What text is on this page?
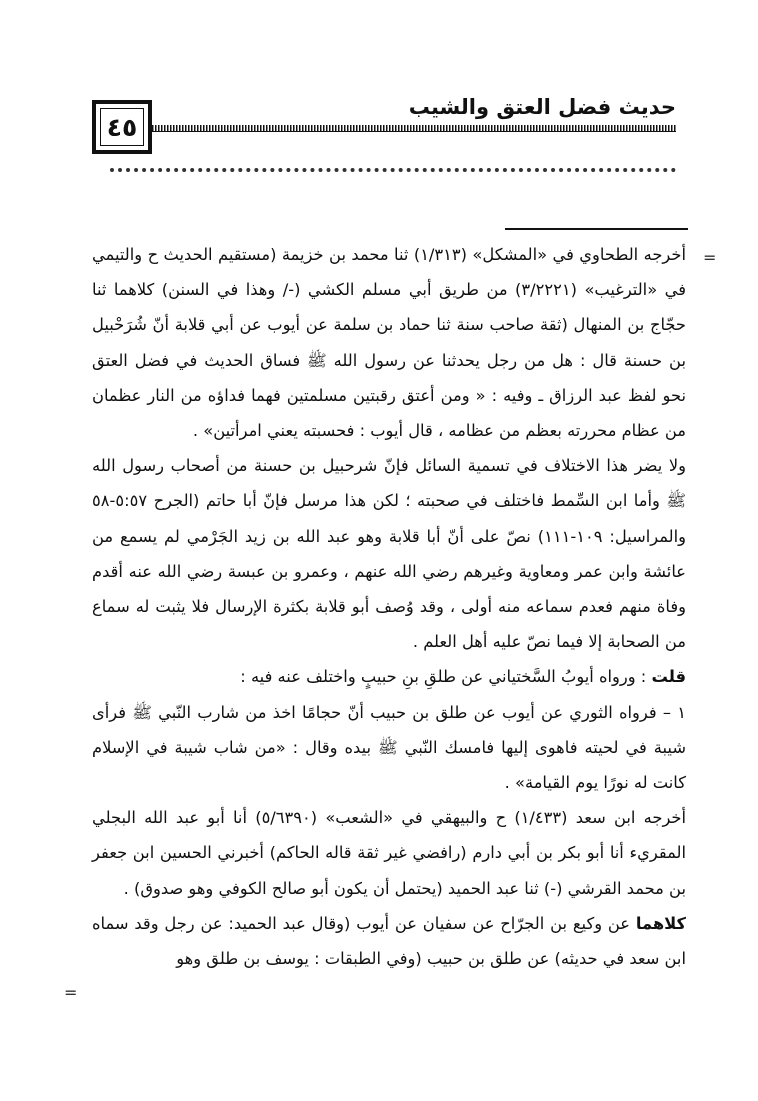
٤٥
حديث فضل العتق والشيب
=
=

أخرجه الطحاوي في «المشكل» (١/٣١٣) ثنا محمد بن خزيمة (مستقيم الحديث ح والتيمي في «الترغيب» (٣/٢٢٢١) من طريق أبي مسلم الكشي (-/ وهذا في السنن) كلاهما ثنا حجّاج بن المنهال (ثقة صاحب سنة ثنا حماد بن سلمة عن أيوب عن أبي قلابة أنّ شُرَحْبيل بن حسنة قال : هل من رجل يحدثنا عن رسول الله ﷺ فساق الحديث في فضل العتق نحو لفظ عبد الرزاق ـ وفيه : « ومن أعتق رقبتين مسلمتين فهما فداؤه من النار عظمان من عظام محررته بعظم من عظامه ، قال أيوب : فحسبته يعني امرأتين» .

ولا يضر هذا الاختلاف في تسمية السائل فإنّ شرحبيل بن حسنة من أصحاب رسول الله ﷺ وأما ابن السِّمط فاختلف في صحبته ؛ لكن هذا مرسل فإنّ أبا حاتم (الجرح ٥:٥٧-٥٨ والمراسيل: ١٠٩-١١١) نصّ على أنّ أبا قلابة وهو عبد الله بن زيد الجَرْمي لم يسمع من عائشة وابن عمر ومعاوية وغيرهم رضي الله عنهم ، وعمرو بن عبسة رضي الله عنه أقدم وفاة منهم فعدم سماعه منه أولى ، وقد وُصف أبو قلابة بكثرة الإرسال فلا يثبت له سماع من الصحابة إلا فيما نصّ عليه أهل العلم .

قلت : ورواه أيوبُ السَّختياني عن طلقِ بنِ حبيبٍ واختلف عنه فيه :

١ – فرواه الثوري عن أيوب عن طلق بن حبيب أنّ حجامًا اخذ من شارب النّبي ﷺ فرأى شيبة في لحيته فاهوى إليها فامسك النّبي ﷺ بيده وقال : «من شاب شيبة في الإسلام كانت له نورًا يوم القيامة» .

أخرجه ابن سعد (١/٤٣٣) ح والبيهقي في «الشعب» (٥/٦٣٩٠) أنا أبو عبد الله البجلي المقريء أنا أبو بكر بن أبي دارم (رافضي غير ثقة قاله الحاكم) أخبرني الحسين ابن جعفر بن محمد القرشي (-) ثنا عبد الحميد (يحتمل أن يكون أبو صالح الكوفي وهو صدوق) .

كلاهما عن وكيع بن الجرّاح عن سفيان عن أيوب (وقال عبد الحميد: عن رجل وقد سماه ابن سعد في حديثه) عن طلق بن حبيب (وفي الطبقات : يوسف بن طلق وهو
